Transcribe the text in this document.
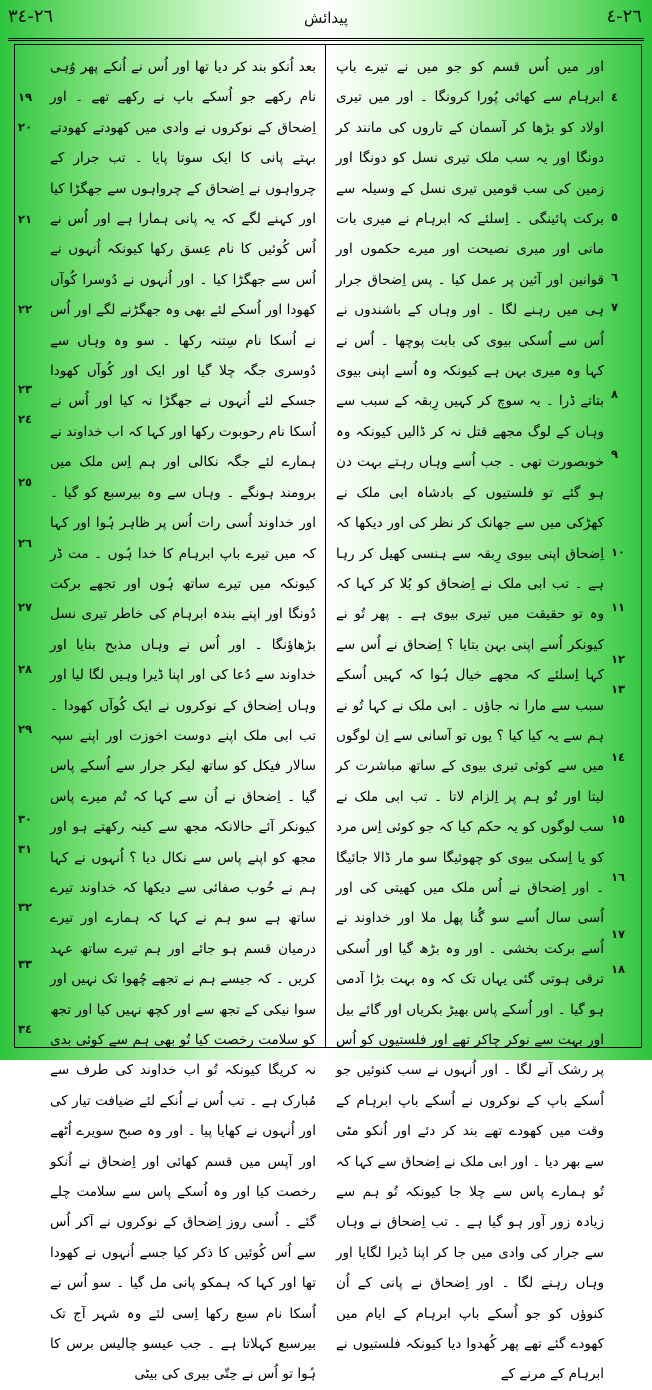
٢٦-٣٤	پیدائش	٢٦-٤

اور میں اُس قسم کو جو میں نے تیرے باپ ابرہام سے کھائی پُورا کرونگا ۔ اور میں تیری اولاد کو بڑھا کر آسمان کے تاروں کی مانند کر دونگا اور یہ سب ملک تیری نسل کو دونگا اور زمین کی سب قومیں تیری نسل کے وسیلہ سے برکت پائینگی ۔ اِسلئے کہ ابرہام نے میری بات مانی اور میری نصیحت اور میرے حکموں اور قوانین اور آئین پر عمل کیا ۔ پس اِضحاق جرار ہی میں رہنے لگا ۔ اور وہاں کے باشندوں نے اُس سے اُسکی بیوی کی بابت پوچھا ۔ اُس نے کہا وہ میری بہن ہے کیونکہ وہ اُسے اپنی بیوی بتاتے ڈرا ۔ یہ سوچ کر کہیں رِبقہ کے سبب سے وہاں کے لوگ مجھے قتل نہ کر ڈالیں کیونکہ وہ خوبصورت تھی ۔ جب اُسے وہاں رہتے بہت دن ہو گئے تو فلستیوں کے بادشاہ ابی ملک نے کھڑکی میں سے جھانک کر نظر کی اور دیکھا کہ اِضحاق اپنی بیوی رِبقہ سے ہنسی کھیل کر رہا ہے ۔ تب ابی ملک نے اِضحاق کو بُلا کر کہا کہ وہ تو حقیقت میں تیری بیوی ہے ۔ پھر تُو نے کیونکر اُسے اپنی بہن بتایا ؟ اِضحاق نے اُس سے کہا اِسلئے کہ مجھے خیال ہُوا کہ کہیں اُسکے سبب سے مارا نہ جاؤں ۔ ابی ملک نے کہا تُو نے ہم سے یہ کیا کیا ؟ یوں تو آسانی سے اِن لوگوں میں سے کوئی تیری بیوی کے ساتھ مباشرت کر لیتا اور تُو ہم پر اِلزام لاتا ۔ تب ابی ملک نے سب لوگوں کو یہ حکم کیا کہ جو کوئی اِس مرد کو یا اِسکی بیوی کو چھوئیگا سو مار ڈالا جائیگا ۔ اور اِضحاق نے اُس ملک میں کھیتی کی اور اُسی سال اُسے سو گُنا پھل ملا اور خداوند نے اُسے برکت بخشی ۔ اور وہ بڑھ گیا اور اُسکی ترقی ہوتی گئی یہاں تک کہ وہ بہت بڑا آدمی ہو گیا ۔ اور اُسکے پاس بھیڑ بکریاں اور گائے بیل اور بہت سے نوکر چاکر تھے اور فلستیوں کو اُس پر رشک آنے لگا ۔ اور اُنہوں نے سب کنوئیں جو اُسکے باپ کے نوکروں نے اُسکے باپ ابرہام کے وقت میں کھودے تھے بند کر دئے اور اُنکو مٹی سے بھر دیا ۔ اور ابی ملک نے اِضحاق سے کہا کہ تُو ہمارے پاس سے چلا جا کیونکہ تُو ہم سے زیادہ زور آور ہو گیا ہے ۔ تب اِضحاق نے وہاں سے جرار کی وادی میں جا کر اپنا ڈیرا لگایا اور وہاں رہنے لگا ۔ اور اِضحاق نے پانی کے اُن کنوؤں کو جو اُسکے باپ ابرہام کے ایام میں کھودے گئے تھے پھر کُھدوا دیا کیونکہ فلستیوں نے ابرہام کے مرنے کے

بعد اُنکو بند کر دیا تھا اور اُس نے اُنکے پھر وُہی نام رکھے جو اُسکے باپ نے رکھے تھے ۔ اور اِضحاق کے نوکروں نے وادی میں کھودتے کھودتے بہتے پانی کا ایک سوتا پایا ۔ تب جرار کے چرواہوں نے اِضحاق کے چرواہوں سے جھگڑا کیا اور کہنے لگے کہ یہ پانی ہمارا ہے اور اُس نے اُس کُوئیں کا نام عِسق رکھا کیونکہ اُنہوں نے اُس سے جھگڑا کیا ۔ اور اُنہوں نے دُوسرا کُوآں کھودا اور اُسکے لئے بھی وہ جھگڑنے لگے اور اُس نے اُسکا نام سِتنہ رکھا ۔ سو وہ وہاں سے دُوسری جگہ چلا گیا اور ایک اور کُوآں کھودا جسکے لئے اُنہوں نے جھگڑا نہ کیا اور اُس نے اُسکا نام رحوبوت رکھا اور کہا کہ اب خداوند نے ہمارے لئے جگہ نکالی اور ہم اِس ملک میں برومند ہونگے ۔ وہاں سے وہ بیرسبع کو گیا ۔ اور خداوند اُسی رات اُس پر ظاہر ہُوا اور کہا کہ میں تیرے باپ ابرہام کا خدا ہُوں ۔ مت ڈر کیونکہ میں تیرے ساتھ ہُوں اور تجھے برکت دُونگا اور اپنے بندہ ابرہام کی خاطر تیری نسل بڑھاؤنگا ۔ اور اُس نے وہاں مذبح بنایا اور خداوند سے دُعا کی اور اپنا ڈیرا وہیں لگا لیا اور وہاں اِضحاق کے نوکروں نے ایک کُوآں کھودا ۔ تب ابی ملک اپنے دوست اخوزت اور اپنے سپہ سالار فیکل کو ساتھ لیکر جرار سے اُسکے پاس گیا ۔ اِضحاق نے اُن سے کہا کہ تُم میرے پاس کیونکر آئے حالانکہ مجھ سے کینہ رکھتے ہو اور مجھ کو اپنے پاس سے نکال دیا ؟ اُنہوں نے کہا ہم نے خُوب صفائی سے دیکھا کہ خداوند تیرے ساتھ ہے سو ہم نے کہا کہ ہمارے اور تیرے درمیان قسم ہو جائے اور ہم تیرے ساتھ عہد کریں ۔ کہ جیسے ہم نے تجھے چُھوا تک نہیں اور سوا نیکی کے تجھ سے اور کچھ نہیں کیا اور تجھ کو سلامت رخصت کیا تُو بھی ہم سے کوئی بدی نہ کریگا کیونکہ تُو اب خداوند کی طرف سے مُبارک ہے ۔ تب اُس نے اُنکے لئے ضیافت تیار کی اور اُنہوں نے کھایا پیا ۔ اور وہ صبح سویرے اُٹھے اور آپس میں قسم کھائی اور اِضحاق نے اُنکو رخصت کیا اور وہ اُسکے پاس سے سلامت چلے گئے ۔ اُسی روز اِضحاق کے نوکروں نے آکر اُس سے اُس کُوئیں کا ذکر کیا جسے اُنہوں نے کھودا تھا اور کہا کہ ہمکو پانی مل گیا ۔ سو اُس نے اُسکا نام سبع رکھا اِسی لئے وہ شہر آج تک بیرسبع کہلاتا ہے ۔ جب عیسو چالیس برس کا ہُوا تو اُس نے حِتّی بیری کی بیٹی

٤
٥
٦
٧
٨
٩
١٠
١١
١٢
١٣
١٤
١٥
١٦
١٧
١٨
١٩
٢٠
٢١
٢٢
٢٣
٢٤
٢٥
٢٦
٢٧
٢٨
٢٩
٣٠
٣١
٣٢
٣٣
٣٤
